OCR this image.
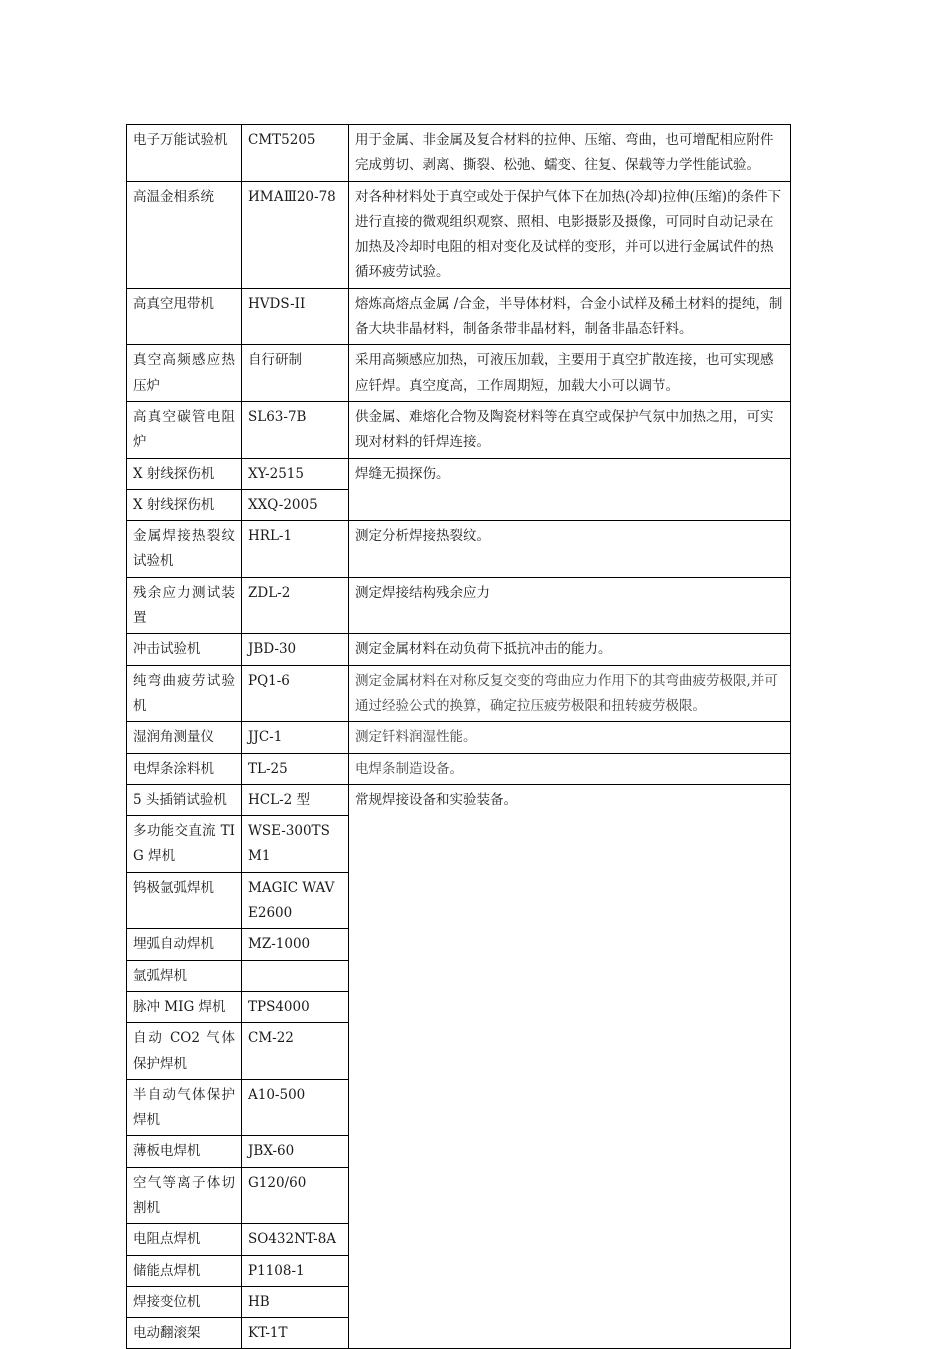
电子万能试验机	CMT5205	用于金属、非金属及复合材料的拉伸、压缩、弯曲，也可增配相应附件完成剪切、剥离、撕裂、松弛、蠕变、往复、保载等力学性能试验。
高温金相系统	ИМАⅢ20-78	对各种材料处于真空或处于保护气体下在加热(冷却)拉伸(压缩)的条件下进行直接的微观组织观察、照相、电影摄影及摄像，可同时自动记录在加热及冷却时电阻的相对变化及试样的变形，并可以进行金属试件的热循环疲劳试验。
高真空甩带机	HVDS-II	熔炼高熔点金属 /合金，半导体材料，合金小试样及稀土材料的提纯，制备大块非晶材料，制备条带非晶材料，制备非晶态钎料。
真空高频感应热压炉	自行研制	采用高频感应加热，可液压加载，主要用于真空扩散连接，也可实现感应钎焊。真空度高，工作周期短，加载大小可以调节。
高真空碳管电阻炉	SL63-7B	供金属、难熔化合物及陶瓷材料等在真空或保护气氛中加热之用，可实现对材料的钎焊连接。
X 射线探伤机	XY-2515	焊缝无损探伤。
X 射线探伤机	XXQ-2005	
金属焊接热裂纹试验机	HRL-1	测定分析焊接热裂纹。
残余应力测试装置	ZDL-2	测定焊接结构残余应力
冲击试验机	JBD-30	测定金属材料在动负荷下抵抗冲击的能力。
纯弯曲疲劳试验机	PQ1-6	测定金属材料在对称反复交变的弯曲应力作用下的其弯曲疲劳极限,并可通过经验公式的换算，确定拉压疲劳极限和扭转疲劳极限。
湿润角测量仪	JJC-1	测定钎料润湿性能。
电焊条涂料机	TL-25	电焊条制造设备。
5 头插销试验机	HCL-2 型	常规焊接设备和实验装备。
多功能交直流 TIG 焊机	WSE-300TSM1	
钨极氩弧焊机	MAGIC WAVE2600	
埋弧自动焊机	MZ-1000	
氩弧焊机		
脉冲 MIG 焊机	TPS4000	
自动 CO2 气体保护焊机	CM-22	
半自动气体保护焊机	A10-500	
薄板电焊机	JBX-60	
空气等离子体切割机	G120/60	
电阻点焊机	SO432NT-8A	
储能点焊机	P1108-1	
焊接变位机	HB	
电动翻滚架	KT-1T	
